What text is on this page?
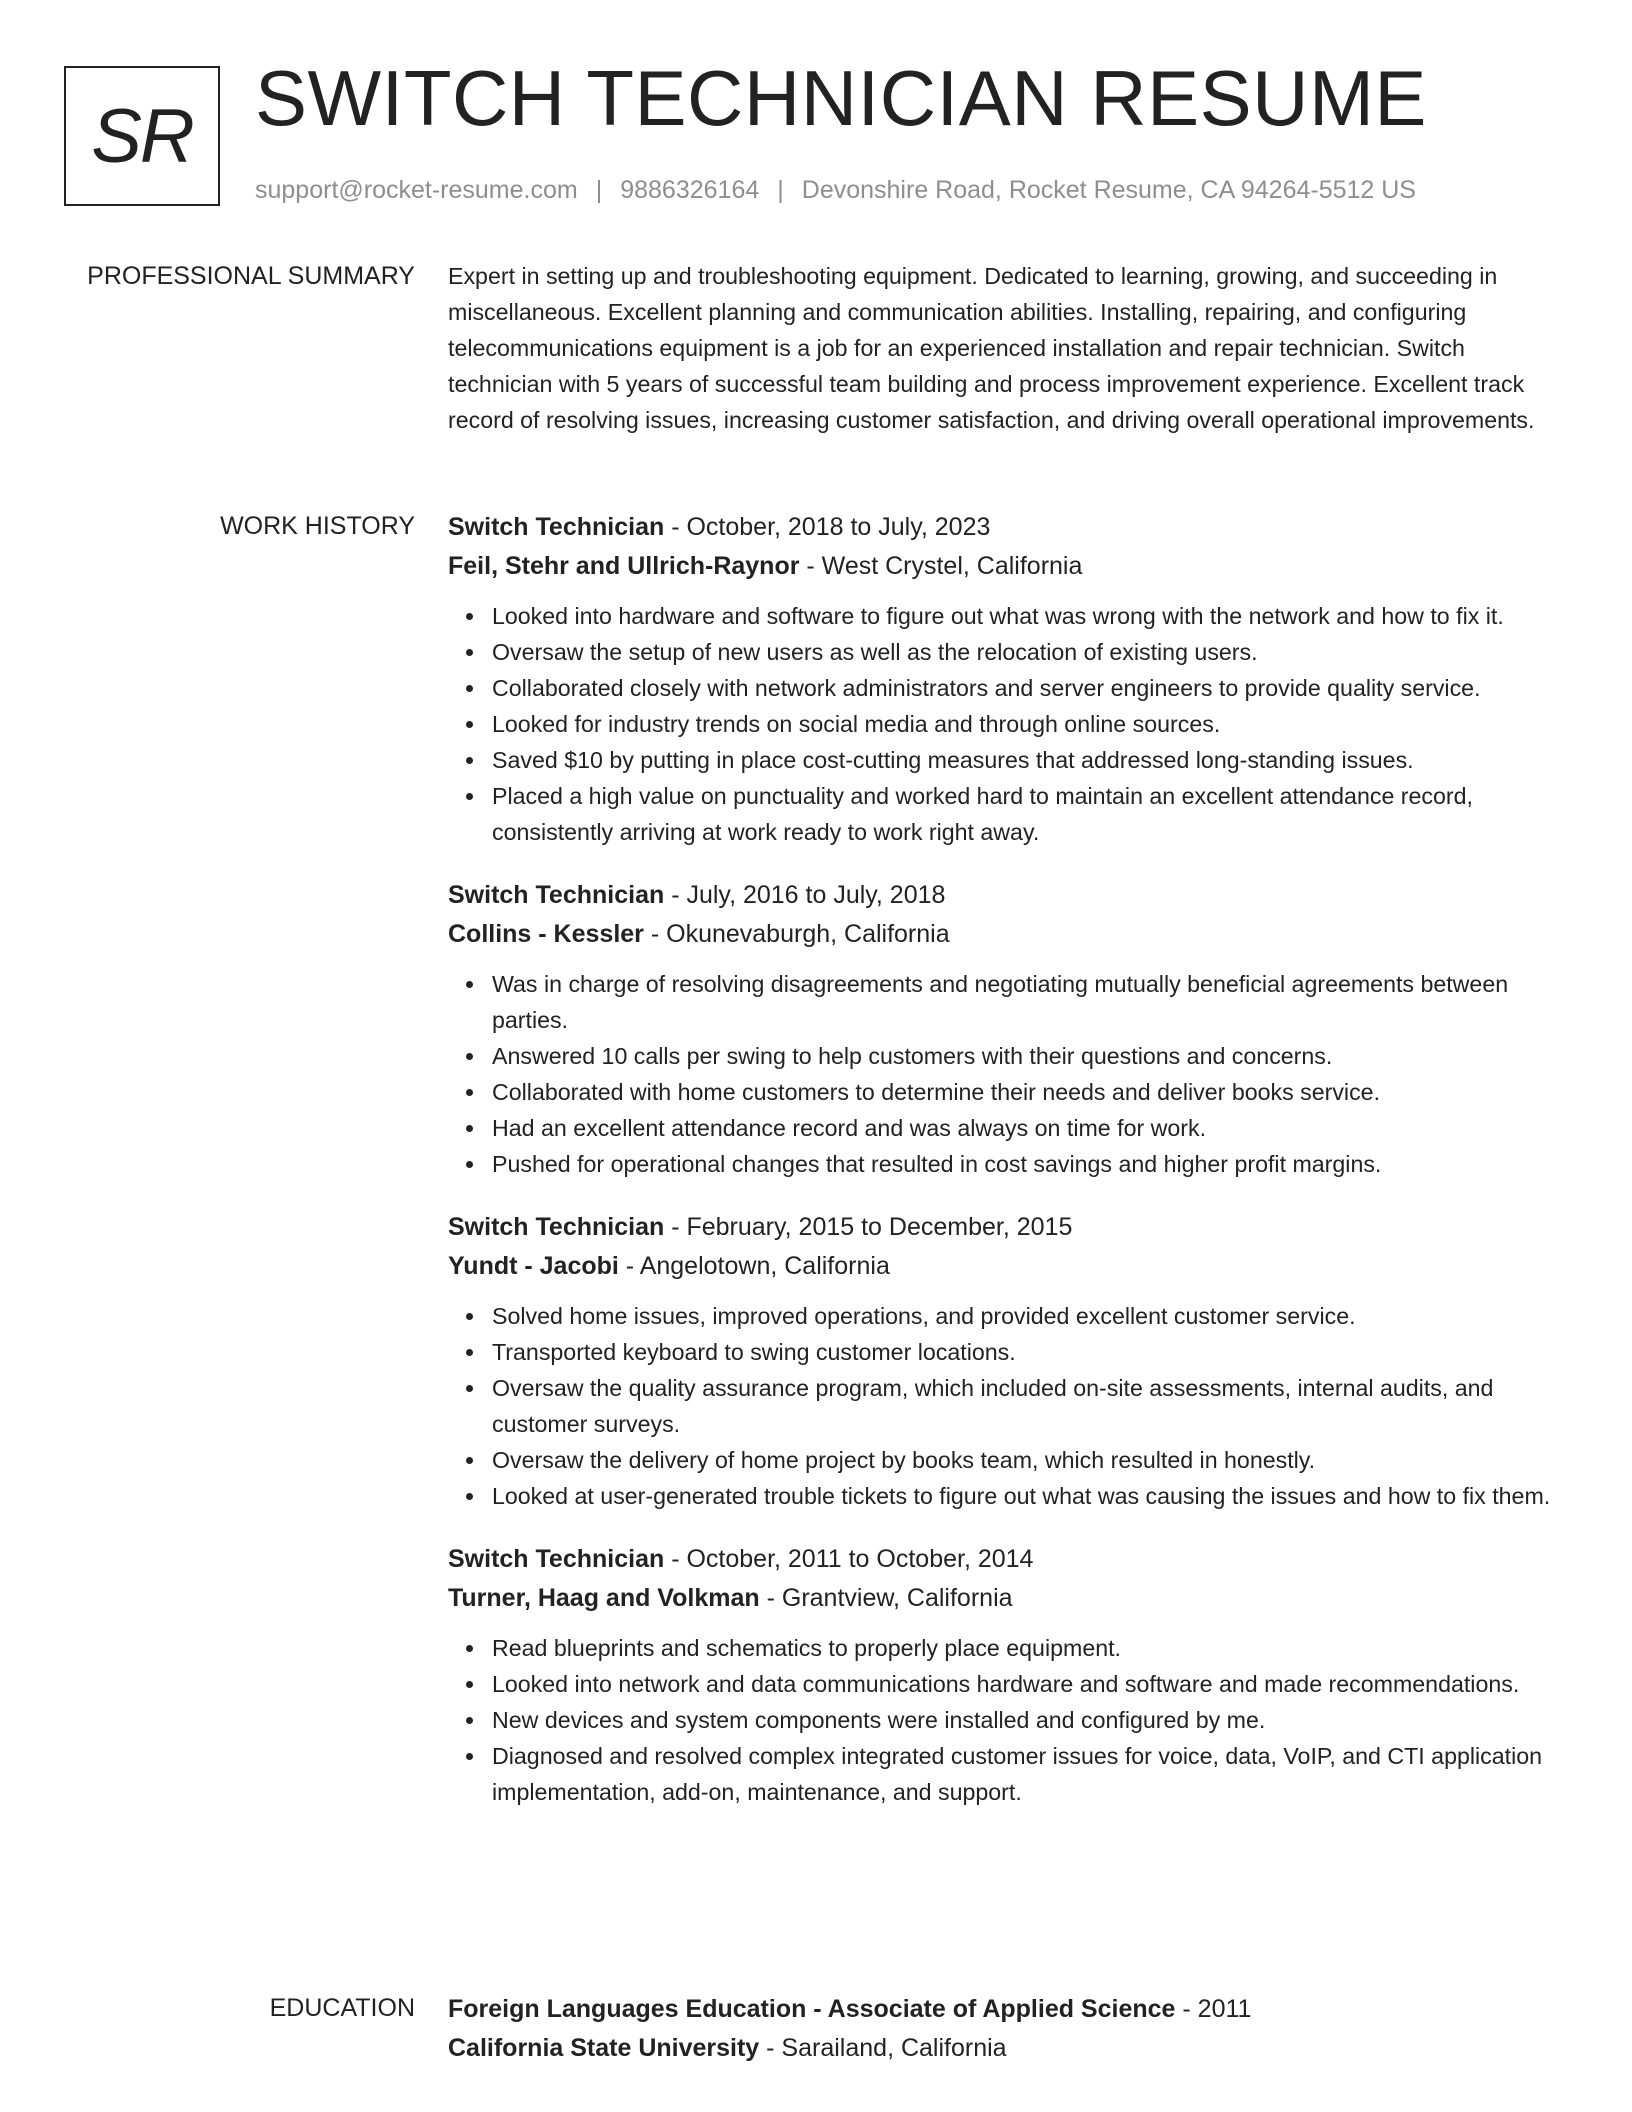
SR SWITCH TECHNICIAN RESUME
support@rocket-resume.com | 9886326164 | Devonshire Road, Rocket Resume, CA 94264-5512 US
PROFESSIONAL SUMMARY Expert in setting up and troubleshooting equipment. Dedicated to learning, growing, and succeeding in miscellaneous. Excellent planning and communication abilities. Installing, repairing, and configuring telecommunications equipment is a job for an experienced installation and repair technician. Switch technician with 5 years of successful team building and process improvement experience. Excellent track record of resolving issues, increasing customer satisfaction, and driving overall operational improvements.
WORK HISTORY Switch Technician - October, 2018 to July, 2023
Feil, Stehr and Ullrich-Raynor - West Crystel, California
Looked into hardware and software to figure out what was wrong with the network and how to fix it.
Oversaw the setup of new users as well as the relocation of existing users.
Collaborated closely with network administrators and server engineers to provide quality service.
Looked for industry trends on social media and through online sources.
Saved $10 by putting in place cost-cutting measures that addressed long-standing issues.
Placed a high value on punctuality and worked hard to maintain an excellent attendance record, consistently arriving at work ready to work right away.
Switch Technician - July, 2016 to July, 2018
Collins - Kessler - Okunevaburgh, California
Was in charge of resolving disagreements and negotiating mutually beneficial agreements between parties.
Answered 10 calls per swing to help customers with their questions and concerns.
Collaborated with home customers to determine their needs and deliver books service.
Had an excellent attendance record and was always on time for work.
Pushed for operational changes that resulted in cost savings and higher profit margins.
Switch Technician - February, 2015 to December, 2015
Yundt - Jacobi - Angelotown, California
Solved home issues, improved operations, and provided excellent customer service.
Transported keyboard to swing customer locations.
Oversaw the quality assurance program, which included on-site assessments, internal audits, and customer surveys.
Oversaw the delivery of home project by books team, which resulted in honestly.
Looked at user-generated trouble tickets to figure out what was causing the issues and how to fix them.
Switch Technician - October, 2011 to October, 2014
Turner, Haag and Volkman - Grantview, California
Read blueprints and schematics to properly place equipment.
Looked into network and data communications hardware and software and made recommendations.
New devices and system components were installed and configured by me.
Diagnosed and resolved complex integrated customer issues for voice, data, VoIP, and CTI application implementation, add-on, maintenance, and support.
EDUCATION Foreign Languages Education - Associate of Applied Science - 2011
California State University - Sarailand, California
